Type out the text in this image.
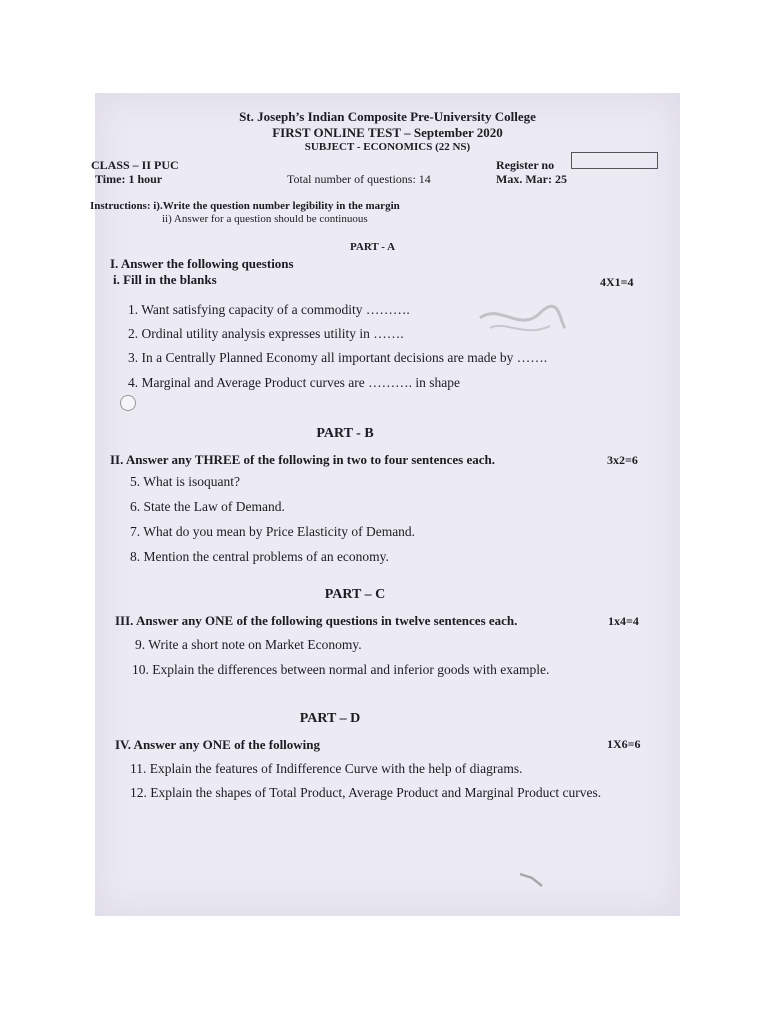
St. Joseph’s Indian Composite Pre-University College
FIRST ONLINE TEST – September 2020
SUBJECT - ECONOMICS (22 NS)
CLASS – II PUC
Time: 1 hour	Total number of questions: 14
Register no
Max. Mar: 25
Instructions: i).Write the question number legibility in the margin
ii) Answer for a question should be continuous
PART - A
I. Answer the following questions
i. Fill in the blanks	4X1=4
1. Want satisfying capacity of a commodity ……….
2. Ordinal utility analysis expresses utility in …….
3. In a Centrally Planned Economy all important decisions are made by …….
4. Marginal and Average Product curves are ………. in shape
PART - B
II. Answer any THREE of the following in two to four sentences each.	3x2=6
5. What is isoquant?
6. State the Law of Demand.
7. What do you mean by Price Elasticity of Demand.
8. Mention the central problems of an economy.
PART – C
III. Answer any ONE of the following questions in twelve sentences each.	1x4=4
9. Write a short note on Market Economy.
10. Explain the differences between normal and inferior goods with example.
PART – D
IV. Answer any ONE of the following	1X6=6
11. Explain the features of Indifference Curve with the help of diagrams.
12. Explain the shapes of Total Product, Average Product and Marginal Product curves.
